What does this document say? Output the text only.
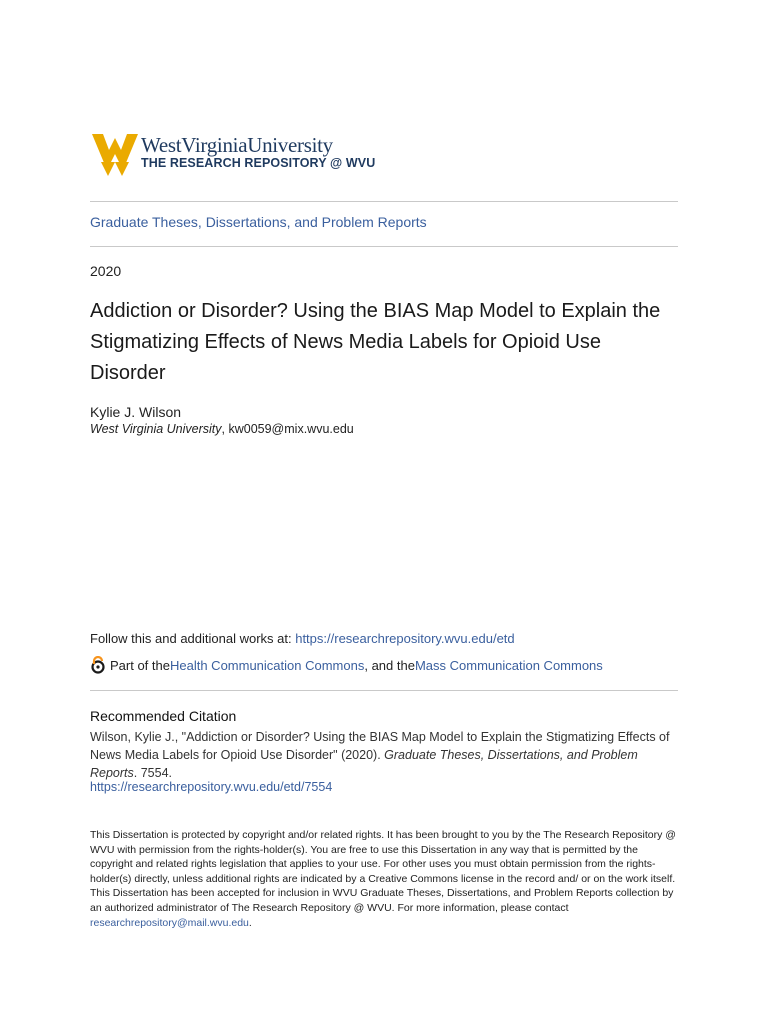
WestVirginiaUniversity
THE RESEARCH REPOSITORY @ WVU
Graduate Theses, Dissertations, and Problem Reports
2020
Addiction or Disorder? Using the BIAS Map Model to Explain the Stigmatizing Effects of News Media Labels for Opioid Use Disorder
Kylie J. Wilson
West Virginia University, kw0059@mix.wvu.edu
Follow this and additional works at: https://researchrepository.wvu.edu/etd
Part of the Health Communication Commons , and the Mass Communication Commons
Recommended Citation
Wilson, Kylie J., "Addiction or Disorder? Using the BIAS Map Model to Explain the Stigmatizing Effects of News Media Labels for Opioid Use Disorder" (2020). Graduate Theses, Dissertations, and Problem Reports. 7554.
https://researchrepository.wvu.edu/etd/7554
This Dissertation is protected by copyright and/or related rights. It has been brought to you by the The Research Repository @ WVU with permission from the rights-holder(s). You are free to use this Dissertation in any way that is permitted by the copyright and related rights legislation that applies to your use. For other uses you must obtain permission from the rights-holder(s) directly, unless additional rights are indicated by a Creative Commons license in the record and/ or on the work itself. This Dissertation has been accepted for inclusion in WVU Graduate Theses, Dissertations, and Problem Reports collection by an authorized administrator of The Research Repository @ WVU. For more information, please contact researchrepository@mail.wvu.edu.
